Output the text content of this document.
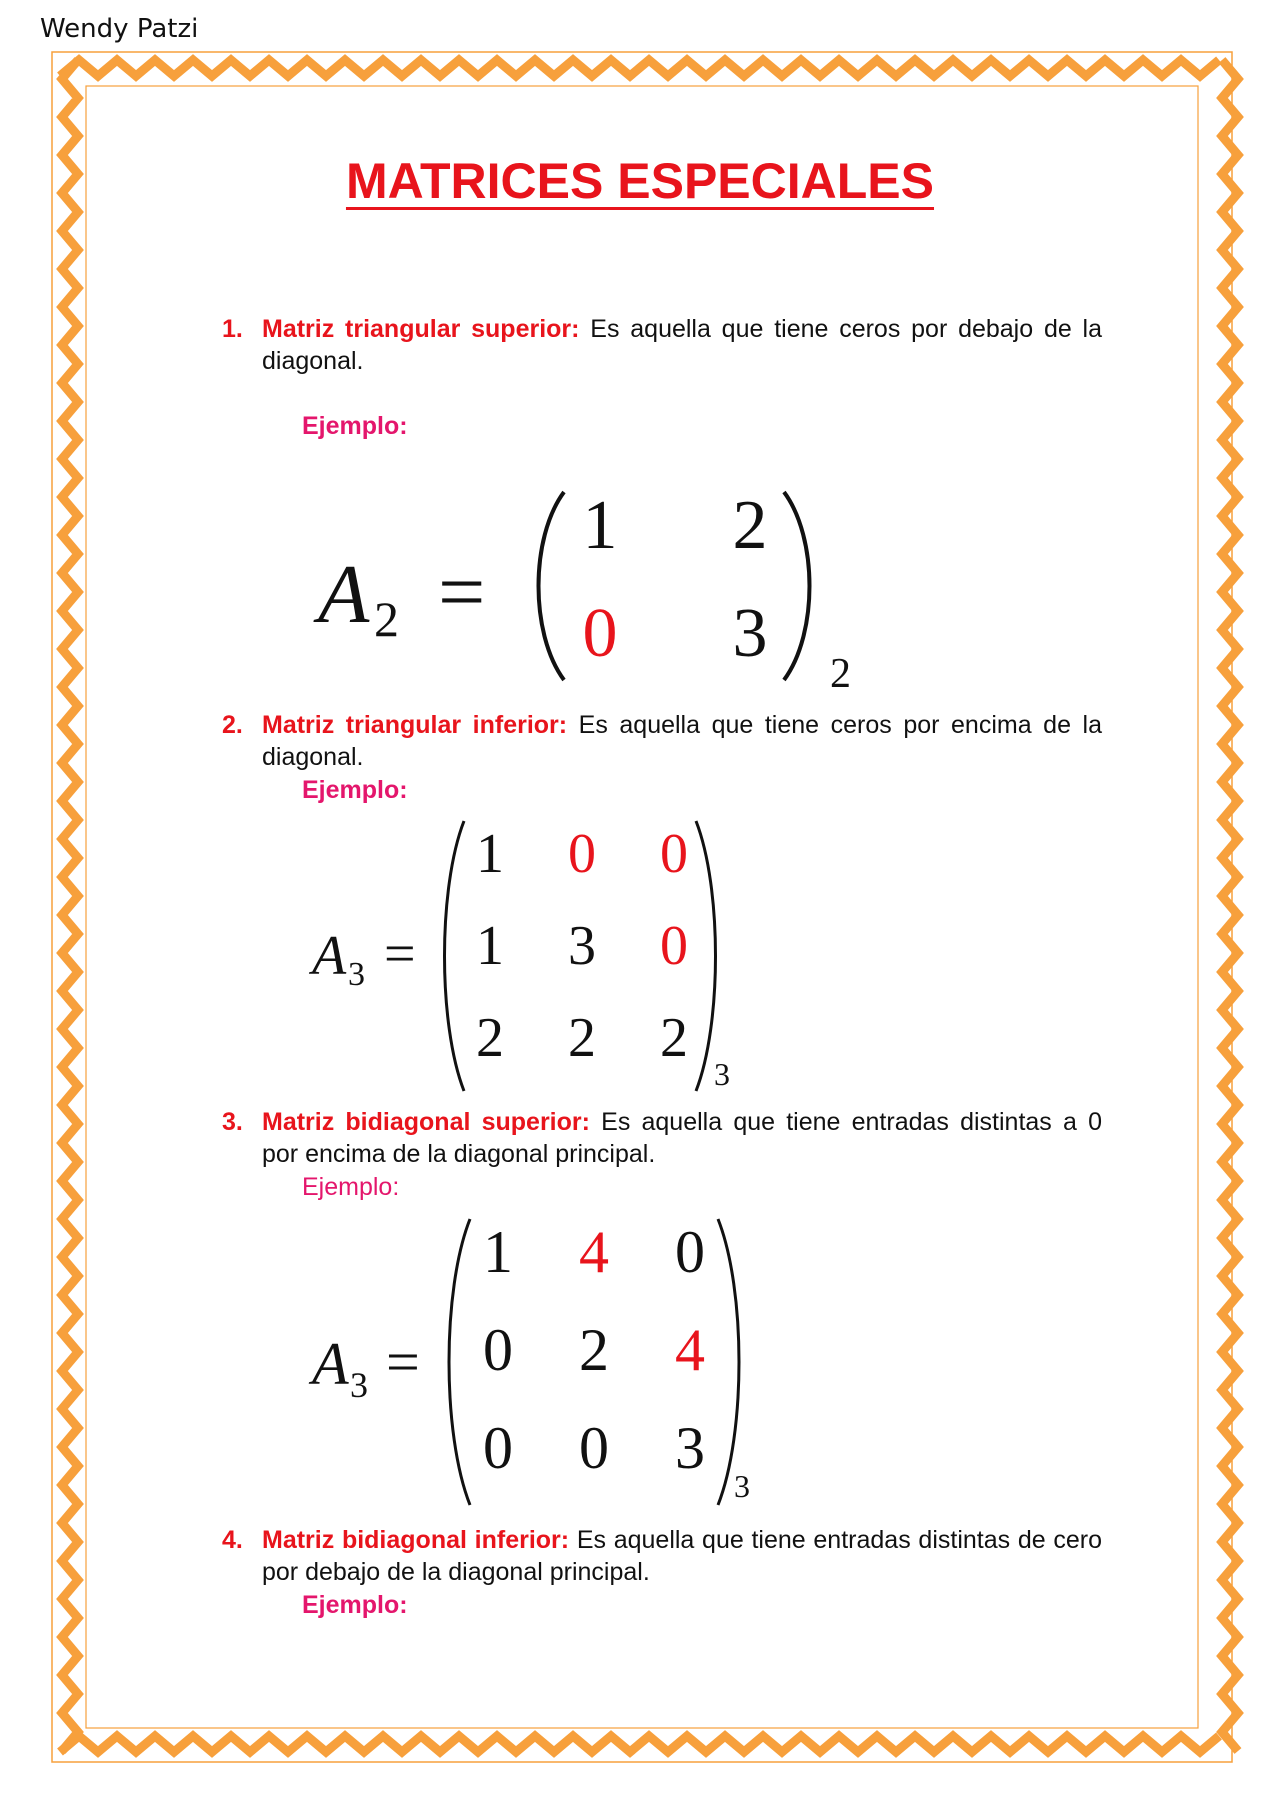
Wendy Patzi
MATRICES ESPECIALES
1. Matriz triangular superior: Es aquella que tiene ceros por debajo de la diagonal.
Ejemplo:
A 2 =
1	2
0	3
2
2. Matriz triangular inferior: Es aquella que tiene ceros por encima de la diagonal.
Ejemplo:
A 3 =
1 0 0
1 3 0
2 2 2
3
3. Matriz bidiagonal superior: Es aquella que tiene entradas distintas a 0 por encima de la diagonal principal.
Ejemplo:
A 3 =
1 4 0
0 2 4
0 0 3
3
4. Matriz bidiagonal inferior: Es aquella que tiene entradas distintas de cero por debajo de la diagonal principal.
Ejemplo:
